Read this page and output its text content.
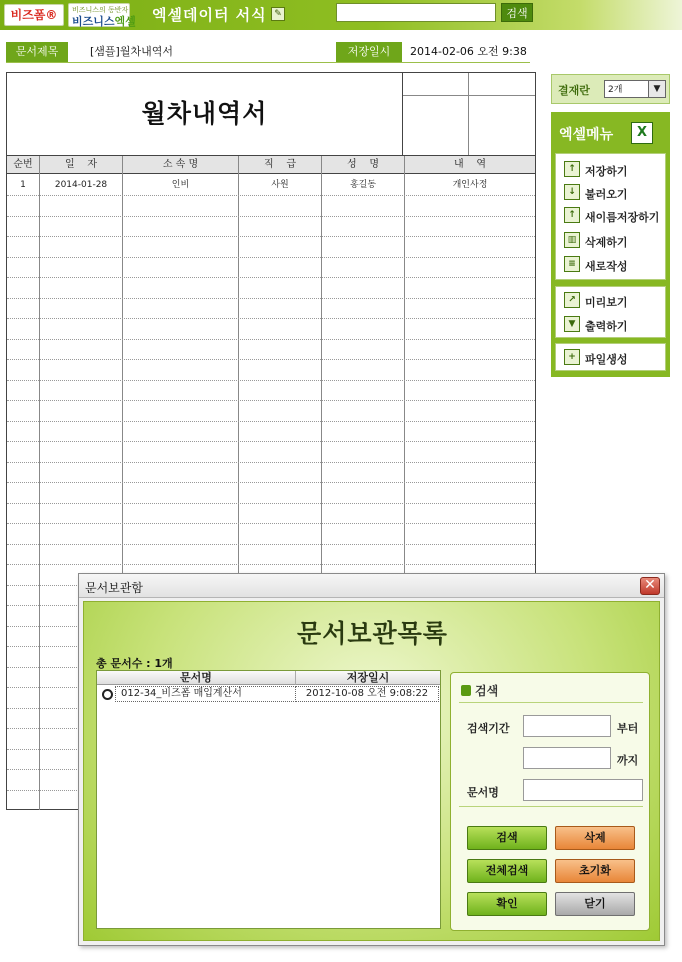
비즈폼®	비즈니스의 동반자
비즈니스엑셀 엑셀데이터 서식 ✎	검색
문서제목	[샘플]월차내역서	저장일시	2014-02-06 오전 9:38
월차내역서
순번	일    자	소 속 명	직    급	성    명	내    역
1	2014-01-28	인비	사원	홍길동	개인사정
결재란 2개	▼
엑셀메뉴	X
↑ 저장하기
↓ 불러오기
↑ 새이름저장하기
▥ 삭제하기
≡ 새로작성
↗ 미리보기
▼ 출력하기
+ 파일생성
문서보관함	✕
문서보관목록
총 문서수 : 1개
문서명	저장일시
012-34_비즈폼 매입계산서	2012-10-08 오전 9:08:22	검색
검색기간	부터
까지
문서명
검색	삭제
전체검색	초기화
확인	닫기
